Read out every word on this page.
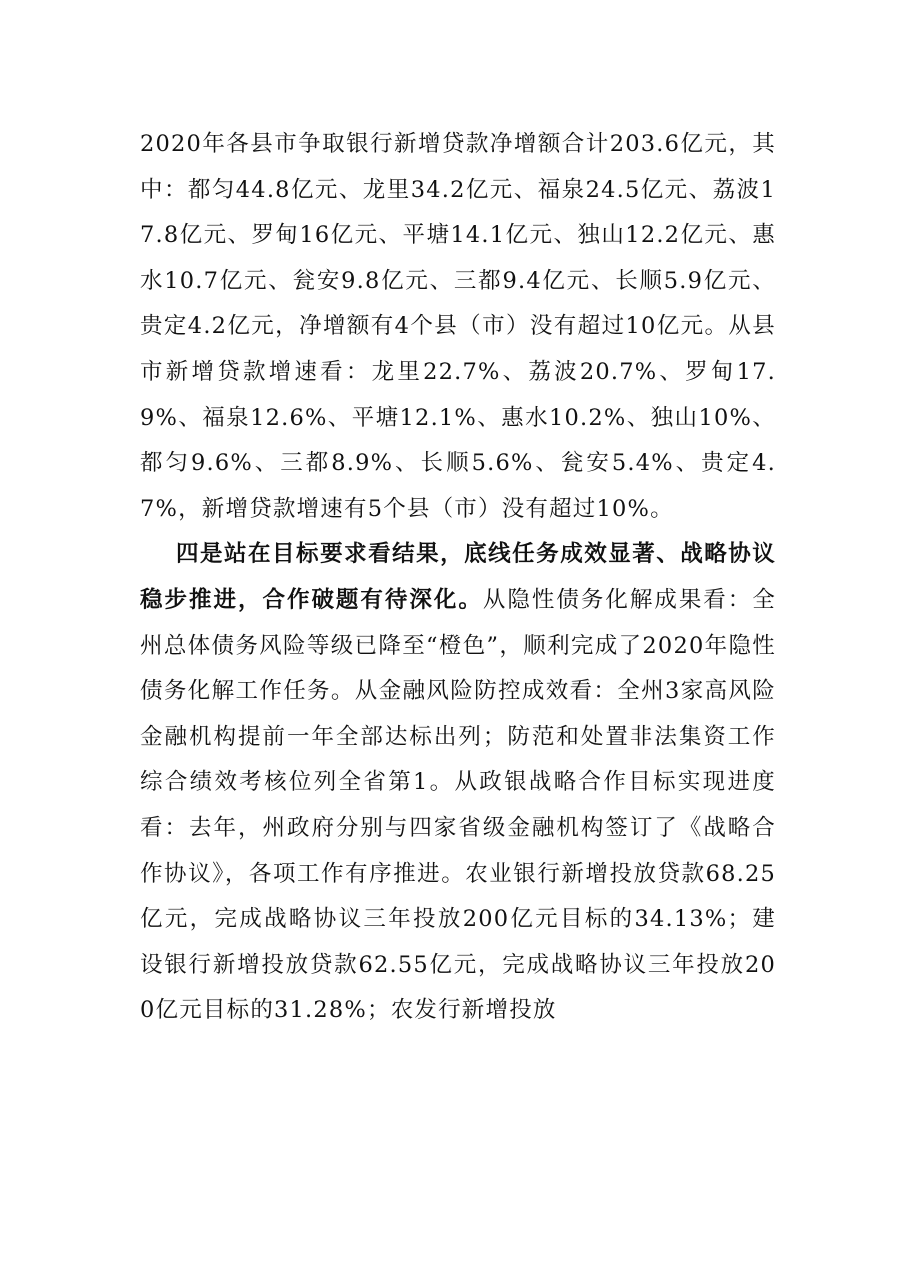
2020年各县市争取银行新增贷款净增额合计203.6亿元，其中：都匀44.8亿元、龙里34.2亿元、福泉24.5亿元、荔波17.8亿元、罗甸16亿元、平塘14.1亿元、独山12.2亿元、惠水10.7亿元、瓮安9.8亿元、三都9.4亿元、长顺5.9亿元、贵定4.2亿元，净增额有4个县（市）没有超过10亿元。从县市新增贷款增速看：龙里22.7%、荔波20.7%、罗甸17.9%、福泉12.6%、平塘12.1%、惠水10.2%、独山10%、都匀9.6%、三都8.9%、长顺5.6%、瓮安5.4%、贵定4.7%，新增贷款增速有5个县（市）没有超过10%。

四是站在目标要求看结果，底线任务成效显著、战略协议稳步推进，合作破题有待深化。从隐性债务化解成果看：全州总体债务风险等级已降至“橙色”，顺利完成了2020年隐性债务化解工作任务。从金融风险防控成效看：全州3家高风险金融机构提前一年全部达标出列；防范和处置非法集资工作综合绩效考核位列全省第1。从政银战略合作目标实现进度看：去年，州政府分别与四家省级金融机构签订了《战略合作协议》，各项工作有序推进。农业银行新增投放贷款68.25亿元，完成战略协议三年投放200亿元目标的34.13%；建设银行新增投放贷款62.55亿元，完成战略协议三年投放200亿元目标的31.28%；农发行新增投放
